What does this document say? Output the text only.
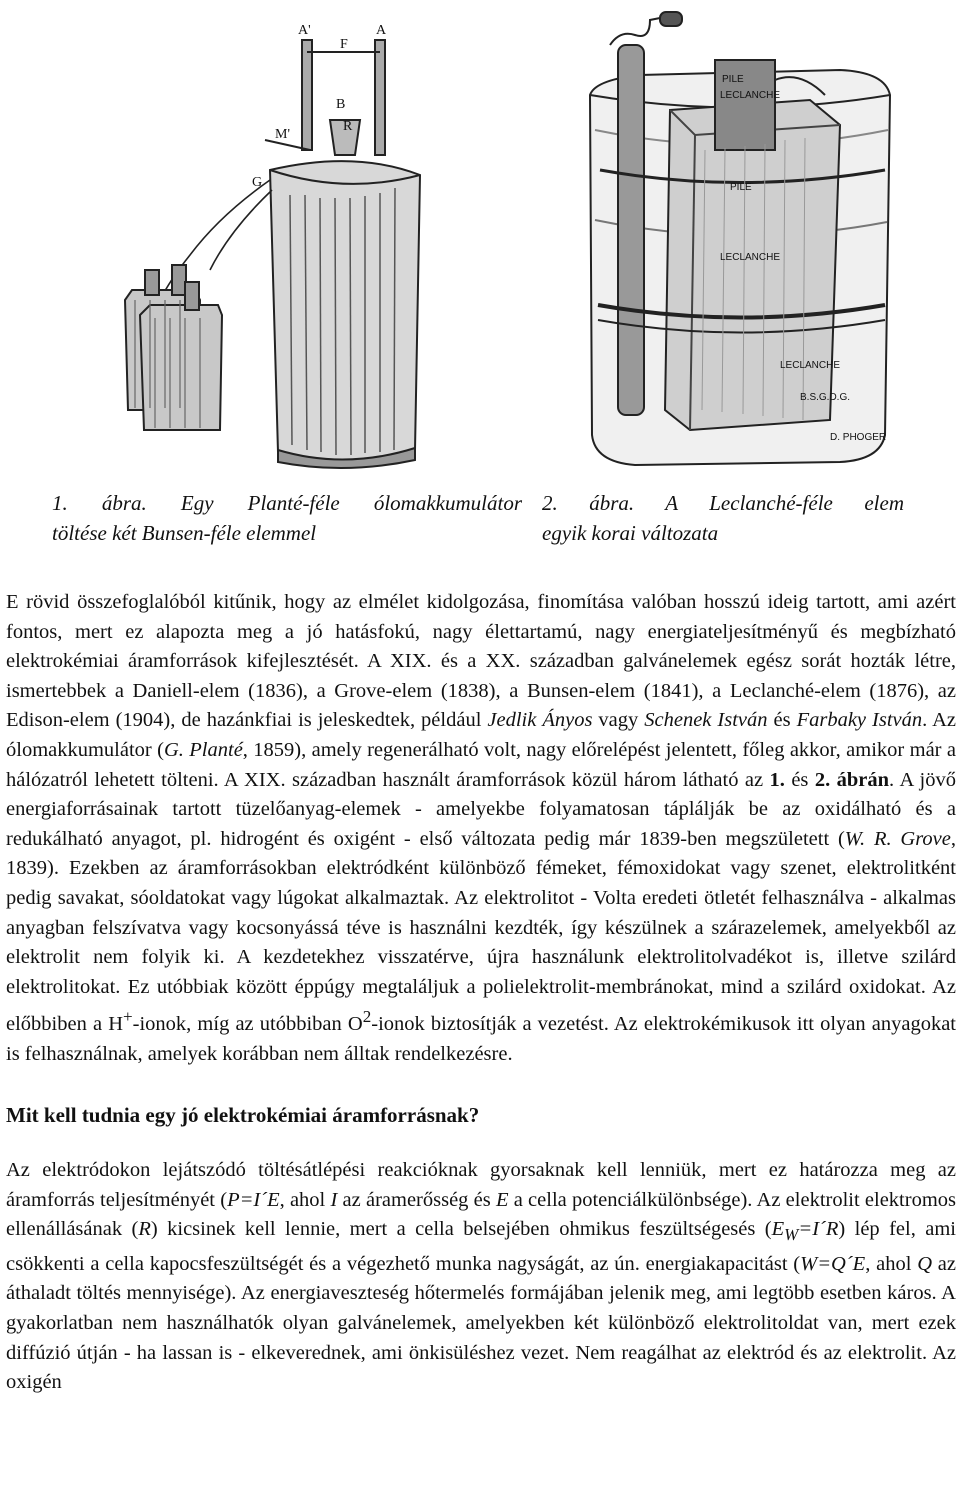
A'
F
A
B
M'
R
G
PILE
LECLANCHE
PILE
LECLANCHE
LECLANCHE
B.S.G.D.G.
D. PHOGER
1. ábra. Egy Planté-féle ólomakkumulátor
töltése két Bunsen-féle elemmel
2. ábra. A Leclanché-féle elem
egyik korai változata

E rövid összefoglalóból kitűnik, hogy az elmélet kidolgozása, finomítása valóban hosszú ideig tartott, ami azért fontos, mert ez alapozta meg a jó hatásfokú, nagy élettartamú, nagy energiateljesítményű és megbízható elektrokémiai áramforrások kifejlesztését. A XIX. és a XX. században galvánelemek egész sorát hozták létre, ismertebbek a Daniell-elem (1836), a Grove-elem (1838), a Bunsen-elem (1841), a Leclanché-elem (1876), az Edison-elem (1904), de hazánkfiai is jeleskedtek, például Jedlik Ányos vagy Schenek István és Farbaky István. Az ólomakkumulátor (G. Planté, 1859), amely regenerálható volt, nagy előrelépést jelentett, főleg akkor, amikor már a hálózatról lehetett tölteni. A XIX. században használt áramforrások közül három látható az 1. és 2. ábrán. A jövő energiaforrásainak tartott tüzelőanyag-elemek - amelyekbe folyamatosan táplálják be az oxidálható és a redukálható anyagot, pl. hidrogént és oxigént - első változata pedig már 1839-ben megszületett (W. R. Grove, 1839). Ezekben az áramforrásokban elektródként különböző fémeket, fémoxidokat vagy szenet, elektrolitként pedig savakat, sóoldatokat vagy lúgokat alkalmaztak. Az elektrolitot - Volta eredeti ötletét felhasználva - alkalmas anyagban felszívatva vagy kocsonyássá téve is használni kezdték, így készülnek a szárazelemek, amelyekből az elektrolit nem folyik ki. A kezdetekhez visszatérve, újra használunk elektrolitolvadékot is, illetve szilárd elektrolitokat. Ez utóbbiak között éppúgy megtaláljuk a polielektrolit-membránokat, mind a szilárd oxidokat. Az előbbiben a H+-ionok, míg az utóbbiban $O^2$-ionok biztosítják a vezetést. Az elektrokémikusok itt olyan anyagokat is felhasználnak, amelyek korábban nem álltak rendelkezésre.

Mit kell tudnia egy jó elektrokémiai áramforrásnak?

Az elektródokon lejátszódó töltésátlépési reakcióknak gyorsaknak kell lenniük, mert ez határozza meg az áramforrás teljesítményét (P=I´E, ahol I az áramerősség és E a cella potenciálkülönbsége). Az elektrolit elektromos ellenállásának (R) kicsinek kell lennie, mert a cella belsejében ohmikus feszültségesés $(E_W=I´R)$ lép fel, ami csökkenti a cella kapocsfeszültségét és a végezhető munka nagyságát, az ún. energiakapacitást (W=Q´E, ahol Q az áthaladt töltés mennyisége). Az energiaveszteség hőtermelés formájában jelenik meg, ami legtöbb esetben káros. A gyakorlatban nem használhatók olyan galvánelemek, amelyekben két különböző elektrolitoldat van, mert ezek diffúzió útján - ha lassan is - elkeverednek, ami önkisüléshez vezet. Nem reagálhat az elektród és az elektrolit. Az oxigén
